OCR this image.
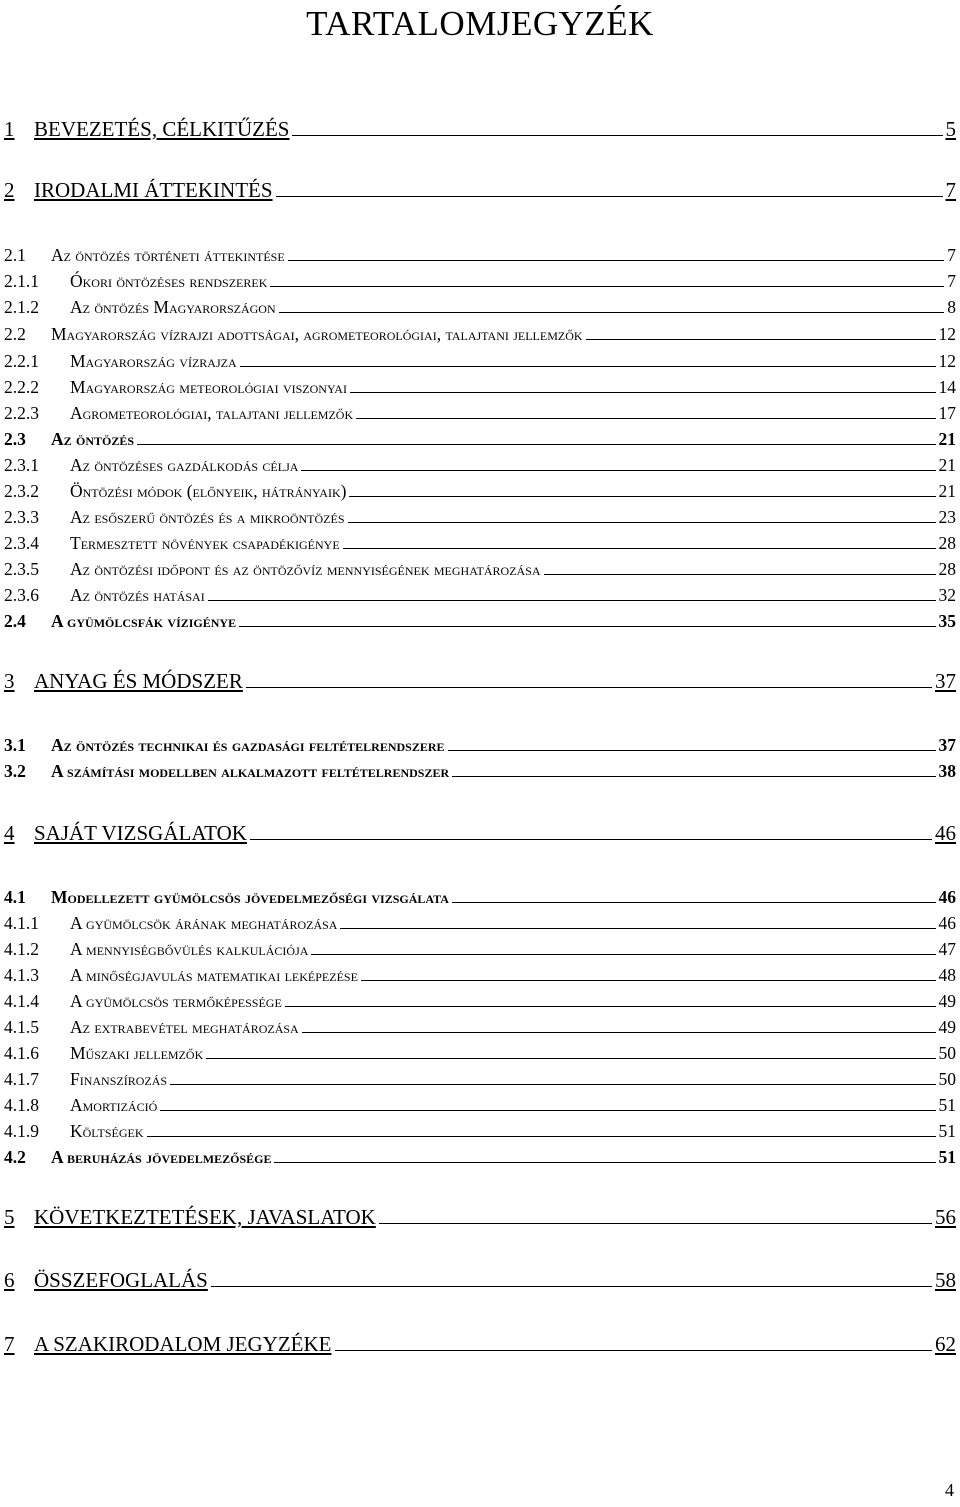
TARTALOMJEGYZÉK
1 BEVEZETÉS, CÉLKITŰZÉS	5
2 IRODALMI ÁTTEKINTÉS	7
2.1	Az öntözés történeti áttekintése	7
2.1.1	Ókori öntözéses rendszerek	7
2.1.2	Az öntözés Magyarországon	8
2.2	Magyarország vízrajzi adottságai, agrometeorológiai, talajtani jellemzők	12
2.2.1	Magyarország vízrajza	12
2.2.2	Magyarország meteorológiai viszonyai	14
2.2.3	Agrometeorológiai, talajtani jellemzők	17
2.3	Az öntözés	21
2.3.1	Az öntözéses gazdálkodás célja	21
2.3.2	Öntözési módok (előnyeik, hátrányaik)	21
2.3.3	Az esőszerű öntözés és a mikroöntözés	23
2.3.4	Termesztett növények csapadékigénye	28
2.3.5	Az öntözési időpont és az öntözővíz mennyiségének meghatározása	28
2.3.6	Az öntözés hatásai	32
2.4	A gyümölcsfák vízigénye	35
3 ANYAG ÉS MÓDSZER	37
3.1	Az öntözés technikai és gazdasági feltételrendszere	37
3.2	A számítási modellben alkalmazott feltételrendszer	38
4 SAJÁT VIZSGÁLATOK	46
4.1	Modellezett gyümölcsös jövedelmezőségi vizsgálata	46
4.1.1	A gyümölcsök árának meghatározása	46
4.1.2	A mennyiségbővülés kalkulációja	47
4.1.3	A minőségjavulás matematikai leképezése	48
4.1.4	A gyümölcsös termőképessége	49
4.1.5	Az extrabevétel meghatározása	49
4.1.6	Műszaki jellemzők	50
4.1.7	Finanszírozás	50
4.1.8	Amortizáció	51
4.1.9	Költségek	51
4.2	A beruházás jövedelmezősége	51
5 KÖVETKEZTETÉSEK, JAVASLATOK	56
6 ÖSSZEFOGLALÁS	58
7 A SZAKIRODALOM JEGYZÉKE	62
4
